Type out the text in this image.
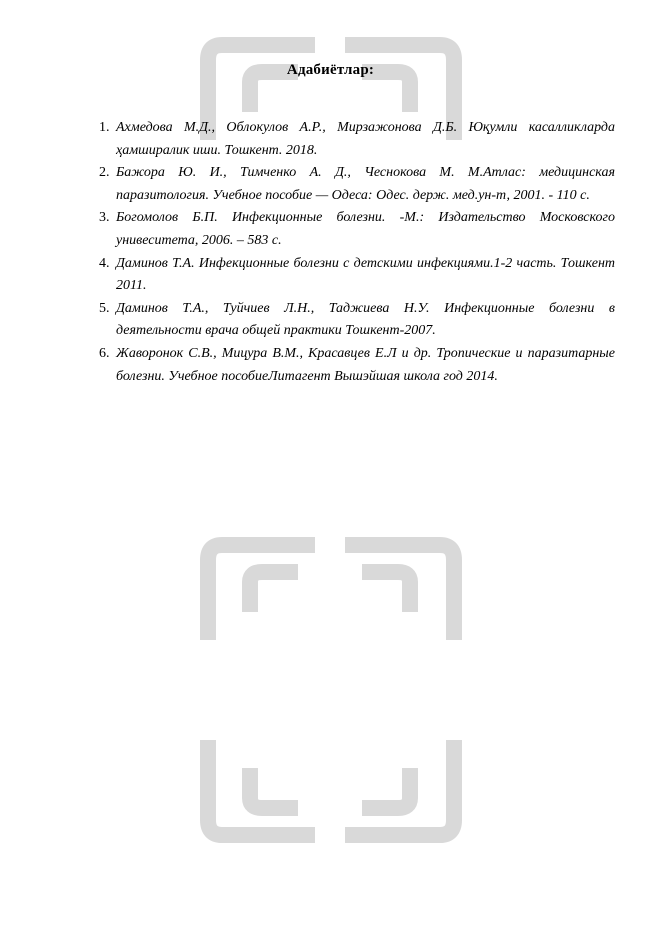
Адабиётлар:
1. Ахмедова М.Д., Облокулов А.Р., Мирзажонова Д.Б. Юқумли касалликларда ҳамширалик иши. Тошкент. 2018.
2. Бажора Ю. И., Тимченко А. Д., Чеснокова М. М.Атлас: медицинская паразитология. Учебное пособие — Одеса: Одес. держ. мед.ун-т, 2001. - 110 с.
3. Богомолов Б.П. Инфекционные болезни. -М.: Издательство Московского унивеситета, 2006. – 583 с.
4. Даминов Т.А. Инфекционные болезни с детскими инфекциями.1-2 часть. Тошкент 2011.
5. Даминов Т.А., Туйчиев Л.Н., Таджиева Н.У. Инфекционные болезни в деятельности врача общей практики Тошкент-2007.
6. Жаворонок С.В., Мицура В.М., Красавцев Е.Л и др. Тропические и паразитарные болезни. Учебное пособиеЛитагент Вышэйшая школа год 2014.
